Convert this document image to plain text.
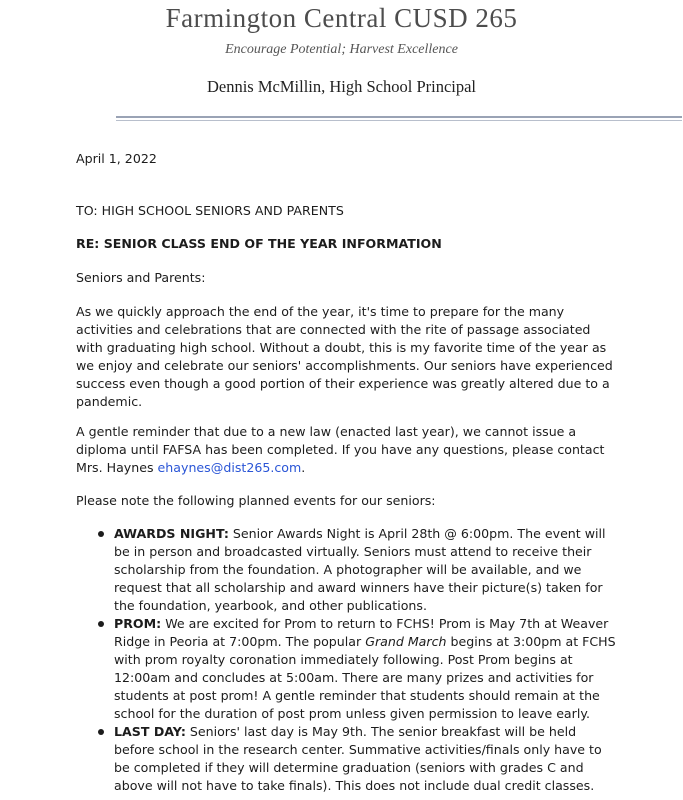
Farmington Central CUSD 265
Encourage Potential; Harvest Excellence
Dennis McMillin, High School Principal

April 1, 2022

TO: HIGH SCHOOL SENIORS AND PARENTS

RE: SENIOR CLASS END OF THE YEAR INFORMATION

Seniors and Parents:

As we quickly approach the end of the year, it's time to prepare for the many activities and celebrations that are connected with the rite of passage associated with graduating high school. Without a doubt, this is my favorite time of the year as we enjoy and celebrate our seniors' accomplishments. Our seniors have experienced success even though a good portion of their experience was greatly altered due to a pandemic.

A gentle reminder that due to a new law (enacted last year), we cannot issue a diploma until FAFSA has been completed. If you have any questions, please contact Mrs. Haynes ehaynes@dist265.com.

Please note the following planned events for our seniors:

AWARDS NIGHT: Senior Awards Night is April 28th @ 6:00pm. The event will be in person and broadcasted virtually. Seniors must attend to receive their scholarship from the foundation. A photographer will be available, and we request that all scholarship and award winners have their picture(s) taken for the foundation, yearbook, and other publications.

PROM: We are excited for Prom to return to FCHS! Prom is May 7th at Weaver Ridge in Peoria at 7:00pm. The popular Grand March begins at 3:00pm at FCHS with prom royalty coronation immediately following. Post Prom begins at 12:00am and concludes at 5:00am. There are many prizes and activities for students at post prom! A gentle reminder that students should remain at the school for the duration of post prom unless given permission to leave early.

LAST DAY: Seniors' last day is May 9th. The senior breakfast will be held before school in the research center. Summative activities/finals only have to be completed if they will determine graduation (seniors with grades C and above will not have to take finals). This does not include dual credit classes.
